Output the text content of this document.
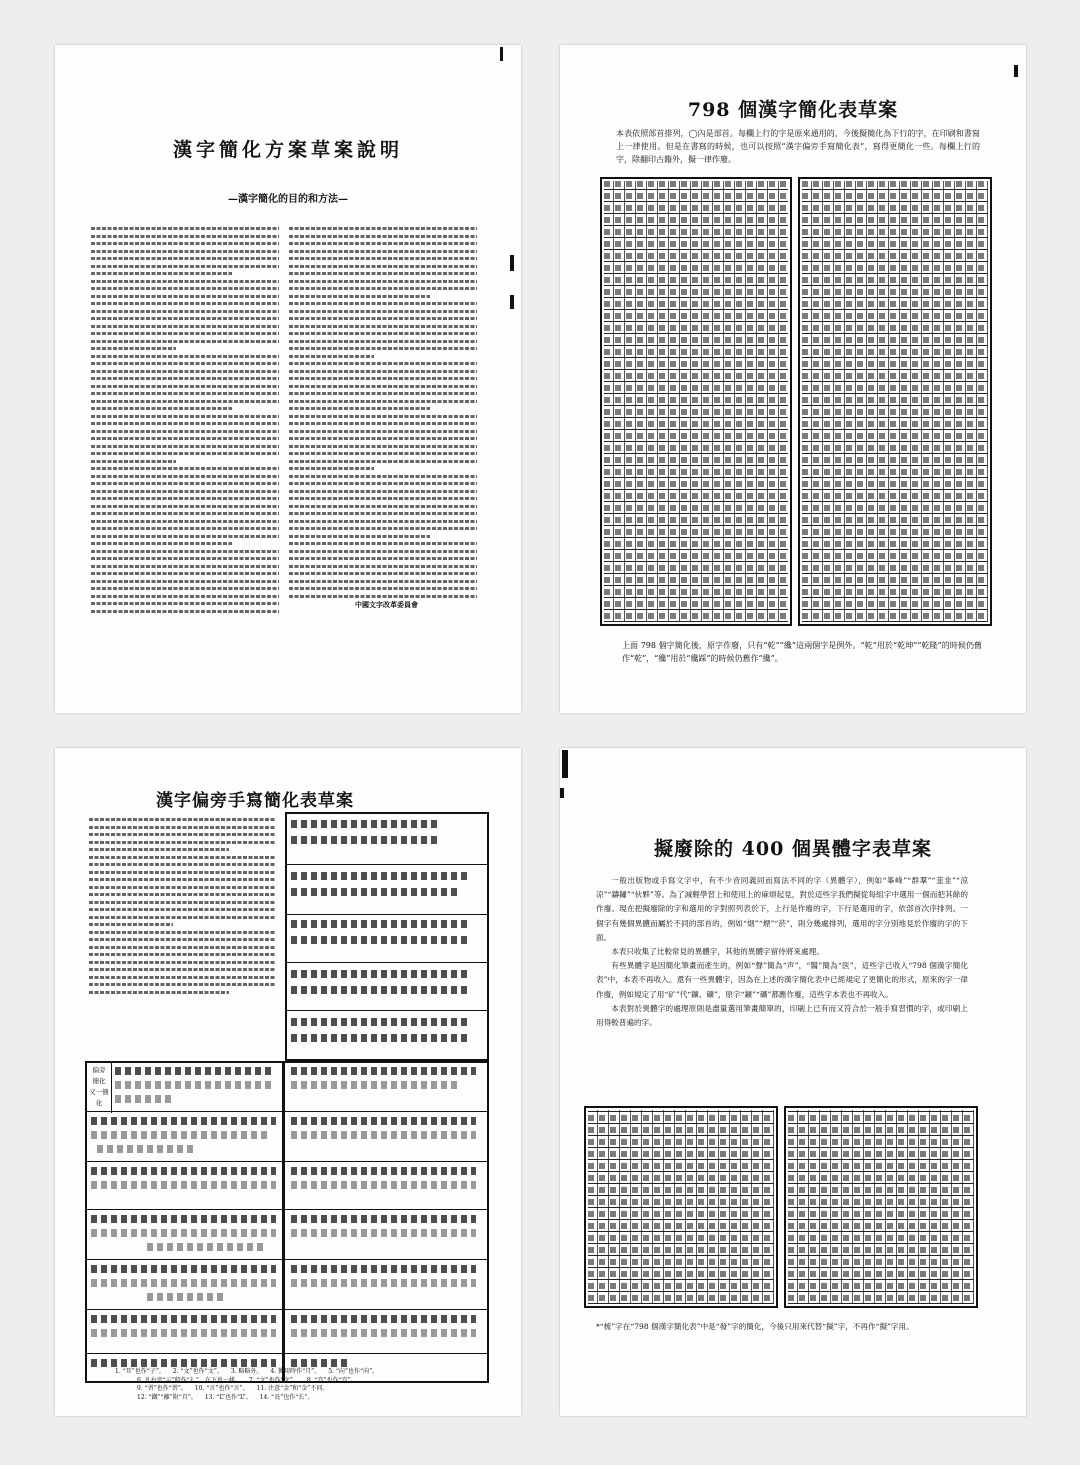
漢字簡化方案草案說明
—漢字簡化的目的和方法—
中國文字改革委員會
798 個漢字簡化表草案
本表依照部首排列，◯內是部首。每欄上行的字是原來通用的，今後擬簡化為下行的字，在印刷和書寫上一律使用。但是在書寫的時候，也可以按照“漢字偏旁手寫簡化表”，寫得更簡化一些。每欄上行的字，除翻印古籍外，擬一律作廢。
上面 798 個字簡化後，原字作廢，只有“乾”“纔”這兩個字是例外。“乾”用於“乾坤”“乾隆”的時候仍舊作“乾”，“纔”用於“纔踩”的時候仍舊作“纔”。
漢字偏旁手寫簡化表草案
偏旁
簡化
又一簡化
1. “耳”也作“子”。 2. “文”也作“文”。 3. 略略外。 4. 獨用時作“月”。 5. “向”也作“向”。
6. 凡右旁“示”假作“礻”，在下也一樣。 7. “文”也作“文”。 8. “宫”也作“宫”。
9. “習”也作“習”。 10. “言”也作“言”。 11. 注意“金”和“金”不同。
12. “鐵”“離”附“頁”。 13. “L”也作“L”。 14. “長”也作“长”。
擬廢除的 400 個異體字表草案
一般出版物或手寫文字中，有不少音同義同而寫法不同的字（異體字），例如“峯峰”“群羣”“韮韭”“涼凉”“鑄鏽”“伙夥”等。為了減輕學習上和使用上的麻煩起見，對於這些字我們擬從每組字中選用一個而把其餘的作廢。現在把擬廢除的字和選用的字對照列表於下，上行是作廢的字，下行是選用的字，依部首次序排列。一個字有幾個異體而屬於不同的部首的，例如“烟”“煙”“菸”，則分幾處排列，選用的字分別地見於作廢的字的下面。
本表只收集了比較常見的異體字，其他的異體字留待將來處理。
有些異體字是因簡化筆畫而產生的，例如“聲”簡為“声”，“醫”簡為“医”，這些字已收入“798 個漢字簡化表”中，本表不再收入。還有一些異體字，因為在上述的漢字簡化表中已經規定了更簡化的形式，原來的字一律作廢，例如規定了用“矿”代“鑛、礦”，原字“鑛”“礦”都應作廢，這些字本表也不再收入。
本表對於異體字的處理原則是盡量選用筆畫簡單的，印刷上已有而又符合於一般手寫習慣的字，或印刷上用得較普遍的字。
*“梳”字在“798 個漢字簡化表”中是“發”字的簡化，今後只用來代替“擬”字，不再作“擬”字用。
